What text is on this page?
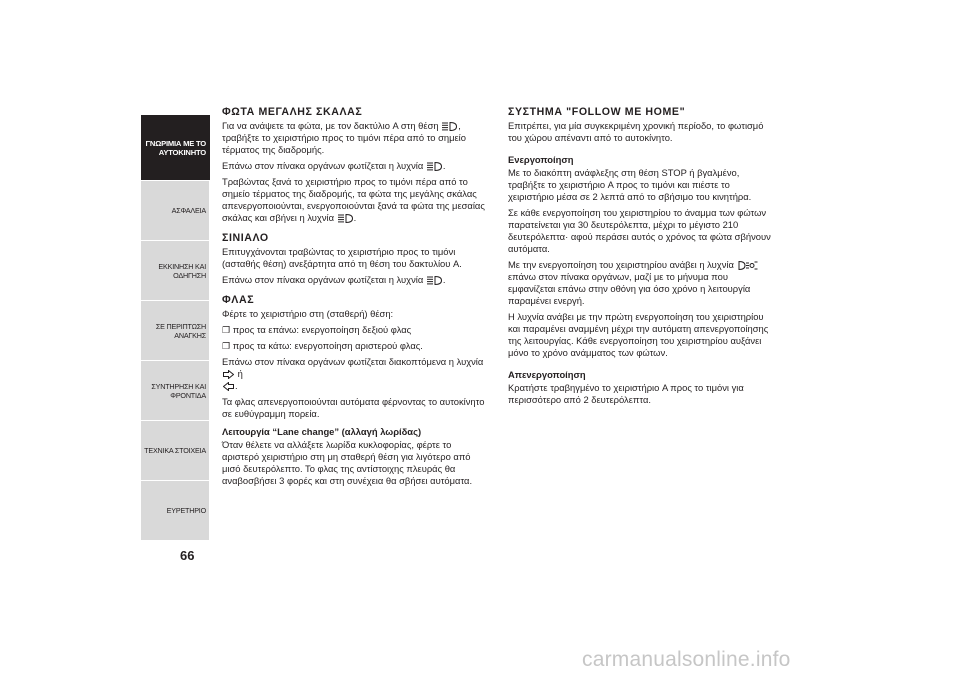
ΓΝΩΡΙΜΙΑ ΜΕ ΤΟ
ΑΥΤΟΚΙΝΗΤΟ
ΑΣΦΑΛΕΙΑ
ΕΚΚΙΝΗΣΗ ΚΑΙ
ΟΔΗΓΗΣΗ
ΣΕ ΠΕΡΙΠΤΩΣΗ
ΑΝΑΓΚΗΣ
ΣΥΝΤΗΡΗΣΗ ΚΑΙ
ΦΡΟΝΤΙΔΑ
ΤΕΧΝΙΚΑ ΣΤΟΙΧΕΙΑ
ΕΥΡΕΤΗΡΙΟ
66
ΦΩΤΑ ΜΕΓΑΛΗΣ ΣΚΑΛΑΣ

Για να ανάψετε τα φώτα, με τον δακτύλιο A στη θέση , τραβήξτε το χειριστήριο προς το τιμόνι πέρα από το σημείο τέρματος της διαδρομής.

Επάνω στον πίνακα οργάνων φωτίζεται η λυχνία .

Τραβώντας ξανά το χειριστήριο προς το τιμόνι πέρα από το σημείο τέρματος της διαδρομής, τα φώτα της μεγάλης σκάλας απενεργοποιούνται, ενεργοποιούνται ξανά τα φώτα της μεσαίας σκάλας και σβήνει η λυχνία .

ΣΙΝΙΑΛΟ

Επιτυγχάνονται τραβώντας το χειριστήριο προς το τιμόνι (ασταθής θέση) ανεξάρτητα από τη θέση του δακτυλίου A.

Επάνω στον πίνακα οργάνων φωτίζεται η λυχνία .

ΦΛΑΣ

Φέρτε το χειριστήριο στη (σταθερή) θέση:

❐ προς τα επάνω: ενεργοποίηση δεξιού φλας

❐ προς τα κάτω: ενεργοποίηση αριστερού φλας.

Επάνω στον πίνακα οργάνων φωτίζεται διακοπτόμενα η λυχνία  ή
.

Τα φλας απενεργοποιούνται αυτόματα φέρνοντας το αυτοκίνητο σε ευθύγραμμη πορεία.

Λειτουργία “Lane change” (αλλαγή λωρίδας)

Όταν θέλετε να αλλάξετε λωρίδα κυκλοφορίας, φέρτε το αριστερό χειριστήριο στη μη σταθερή θέση για λιγότερο από μισό δευτερόλεπτο. Το φλας της αντίστοιχης πλευράς θα αναβοσβήσει 3 φορές και στη συνέχεια θα σβήσει αυτόματα.

ΣΥΣΤΗΜΑ "FOLLOW ME HOME"

Επιτρέπει, για μία συγκεκριμένη χρονική περίοδο, το φωτισμό του χώρου απέναντι από το αυτοκίνητο.

Ενεργοποίηση

Με το διακόπτη ανάφλεξης στη θέση STOP ή βγαλμένο, τραβήξτε το χειριστήριο A προς το τιμόνι και πιέστε το χειριστήριο μέσα σε 2 λεπτά από το σβήσιμο του κινητήρα.

Σε κάθε ενεργοποίηση του χειριστηρίου το άναμμα των φώτων παρατείνεται για 30 δευτερόλεπτα, μέχρι το μέγιστο 210 δευτερόλεπτα· αφού περάσει αυτός ο χρόνος τα φώτα σβήνουν αυτόματα.

Με την ενεργοποίηση του χειριστηρίου ανάβει η λυχνία  επάνω στον πίνακα οργάνων, μαζί με το μήνυμα που εμφανίζεται επάνω στην οθόνη για όσο χρόνο η λειτουργία παραμένει ενεργή.

Η λυχνία ανάβει με την πρώτη ενεργοποίηση του χειριστηρίου και παραμένει αναμμένη μέχρι την αυτόματη απενεργοποίησης της λειτουργίας. Κάθε ενεργοποίηση του χειριστηρίου αυξάνει μόνο το χρόνο ανάμματος των φώτων.

Απενεργοποίηση

Κρατήστε τραβηγμένο το χειριστήριο A προς το τιμόνι για περισσότερο από 2 δευτερόλεπτα.

carmanualsonline.info
